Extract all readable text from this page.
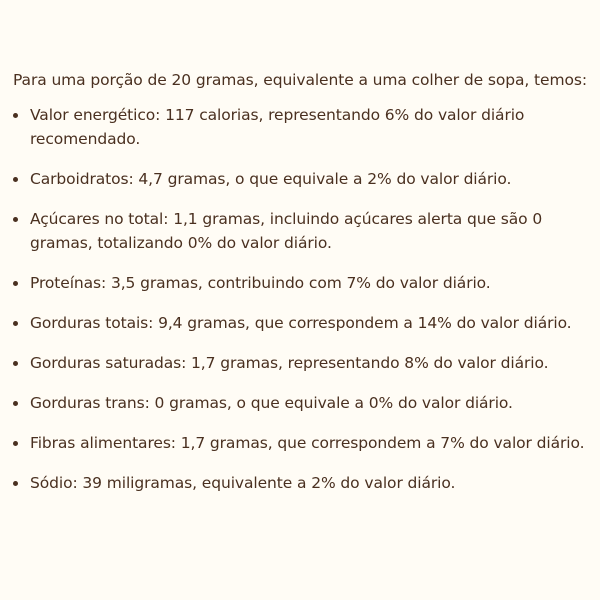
Para uma porção de 20 gramas, equivalente a uma colher de sopa, temos:

Valor energético: 117 calorias, representando 6% do valor diário recomendado.
Carboidratos: 4,7 gramas, o que equivale a 2% do valor diário.
Açúcares no total: 1,1 gramas, incluindo açúcares alerta que são 0 gramas, totalizando 0% do valor diário.
Proteínas: 3,5 gramas, contribuindo com 7% do valor diário.
Gorduras totais: 9,4 gramas, que correspondem a 14% do valor diário.
Gorduras saturadas: 1,7 gramas, representando 8% do valor diário.
Gorduras trans: 0 gramas, o que equivale a 0% do valor diário.
Fibras alimentares: 1,7 gramas, que correspondem a 7% do valor diário.
Sódio: 39 miligramas, equivalente a 2% do valor diário.
